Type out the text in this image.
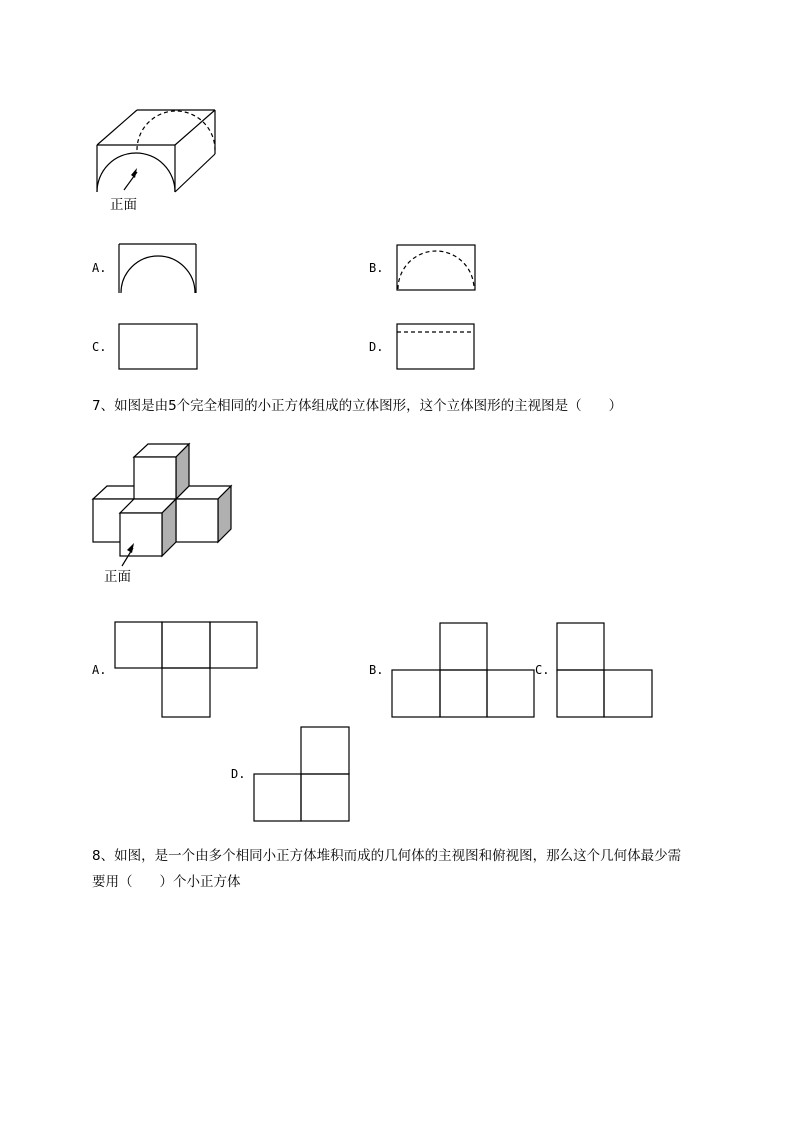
正面
A.	B.
C.	D.
7、如图是由5个完全相同的小正方体组成的立体图形，这个立体图形的主视图是（　　）
正面
A.	B.	C.
D.
8、如图，是一个由多个相同小正方体堆积而成的几何体的主视图和俯视图，那么这个几何体最少需
要用（　　）个小正方体
